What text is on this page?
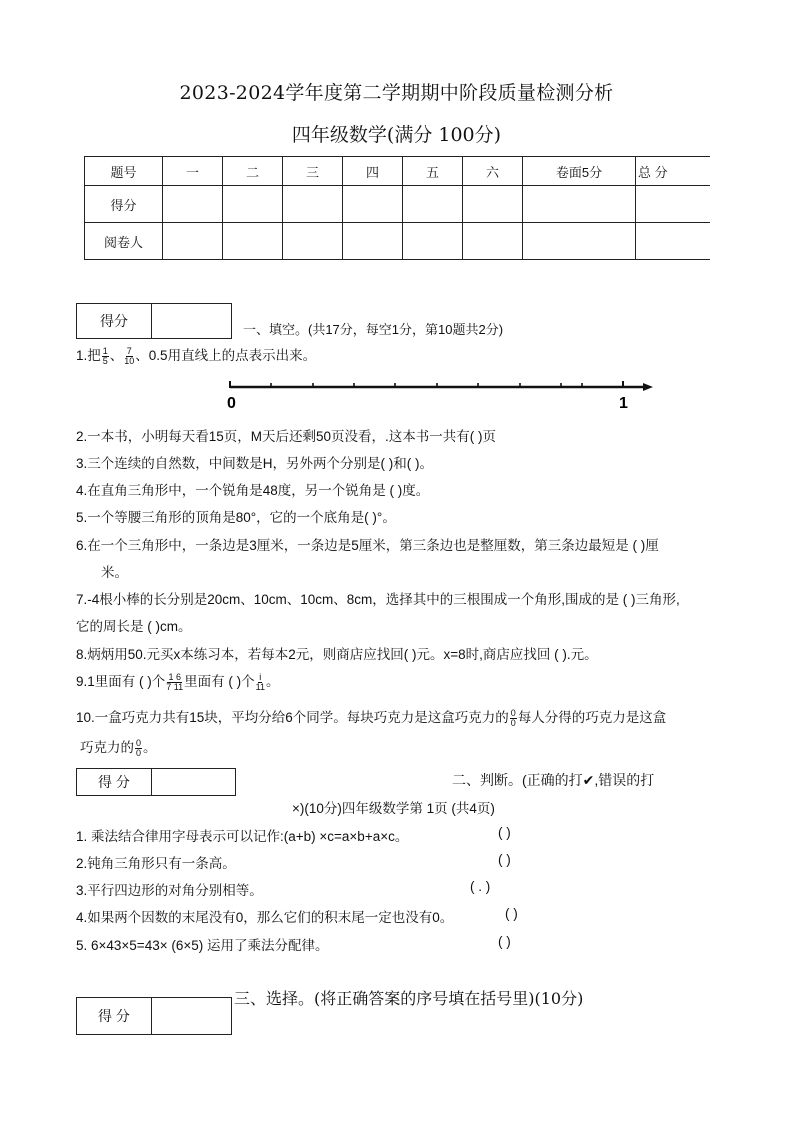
2023-2024学年度第二学期期中阶段质量检测分析
四年级数学(满分 100分)
题号	一	二	三	四	五	六	卷面5分	总 分
得分								
阅卷人								
得分
一、填空。(共17分，每空1分，第10题共2分)
1.把 $\frac{1}{5}$ 、 $\frac{7}{10}$ 、0.5用直线上的点表示出来。
0	1
2.一本书，小明每天看15页，M天后还剩50页没看，.这本书一共有( )页
3.三个连续的自然数，中间数是H，另外两个分别是( )和( )。
4.在直角三角形中，一个锐角是48度，另一个锐角是 ( )度。
5.一个等腰三角形的顶角是80°，它的一个底角是( )°。
6.在一个三角形中，一条边是3厘米，一条边是5厘米，第三条边也是整厘数，第三条边最短是 ( )厘
米。
7.-4根小棒的长分别是20cm、10cm、10cm、8cm，选择其中的三根围成一个角形,围成的是 ( )三角形,
它的周长是 ( )cm。
8.炳炳用50.元买x本练习本，若每本2元，则商店应找回( )元。x=8时,商店应找回 ( ).元。
9.1里面有 ( )个 $\frac{1 6}{7 11}$ 里面有 ( )个 $\frac{i}{11}$ 。
10.一盒巧克力共有15块，平均分给6个同学。每块巧克力是这盒巧克力的 $\frac{0}{0}$ 每人分得的巧克力是这盒
巧克力的 $\frac{0}{0}$ 。
得 分	二、判断。(正确的打✔,错误的打
×)(10分)四年级数学第 1页 (共4页)
1. 乘法结合律用字母表示可以记作:(a+b) ×c=a×b+a×c。	( )
2.钝角三角形只有一条高。	( )
3.平行四边形的对角分别相等。	( . )
4.如果两个因数的末尾没有0，那么它们的积末尾一定也没有0。	( )
5. 6×43×5=43× (6×5) 运用了乘法分配律。	( )
得 分
三、选择。(将正确答案的序号填在括号里)(10分)
